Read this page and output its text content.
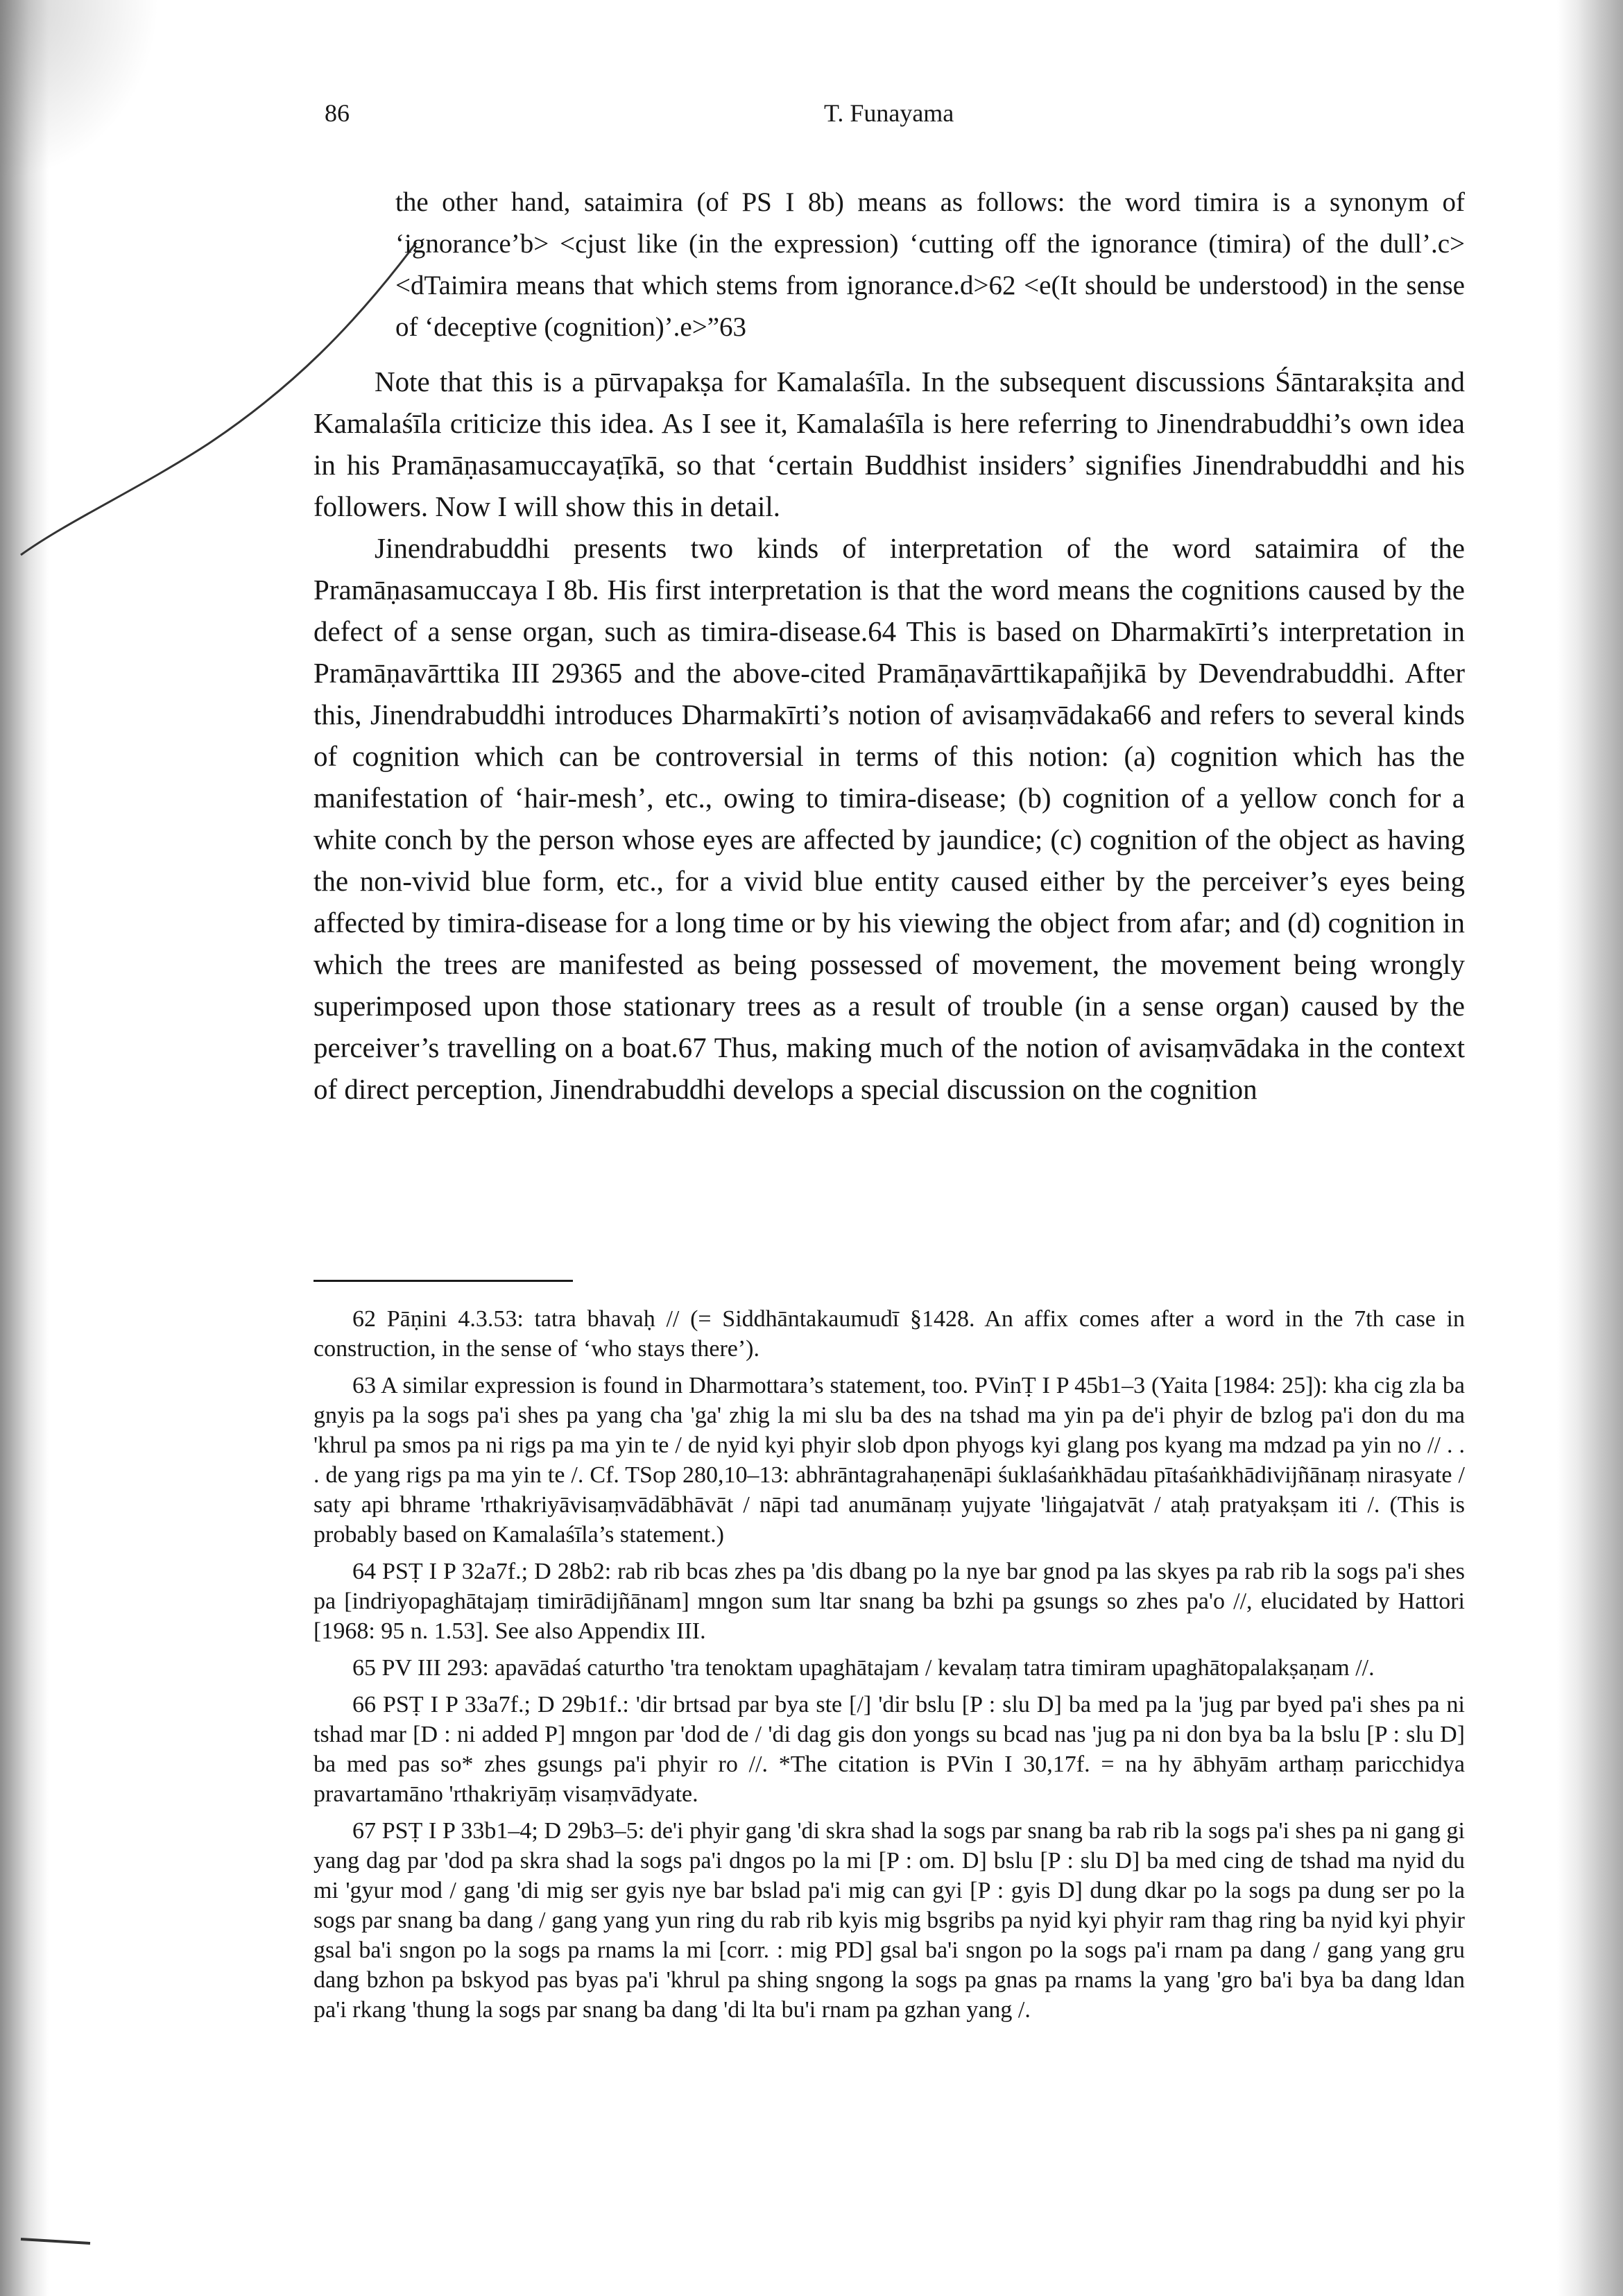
86	T. Funayama

the other hand, sataimira (of PS I 8b) means as follows: the word timira is a synonym of ‘ignorance’b> <cjust like (in the expression) ‘cutting off the ignorance (timira) of the dull’.c> <dTaimira means that which stems from ignorance.d>62 <e(It should be understood) in the sense of ‘deceptive (cognition)’.e>”63

Note that this is a pūrvapakṣa for Kamalaśīla. In the subsequent discussions Śāntarakṣita and Kamalaśīla criticize this idea. As I see it, Kamalaśīla is here referring to Jinendrabuddhi’s own idea in his Pramāṇasamuccayaṭīkā, so that ‘certain Buddhist insiders’ signifies Jinendrabuddhi and his followers. Now I will show this in detail.

Jinendrabuddhi presents two kinds of interpretation of the word sataimira of the Pramāṇasamuccaya I 8b. His first interpretation is that the word means the cognitions caused by the defect of a sense organ, such as timira-disease.64 This is based on Dharmakīrti’s interpretation in Pramāṇavārttika III 29365 and the above-cited Pramāṇavārttikapañjikā by Devendrabuddhi. After this, Jinendrabuddhi introduces Dharmakīrti’s notion of avisaṃvādaka66 and refers to several kinds of cognition which can be controversial in terms of this notion: (a) cognition which has the manifestation of ‘hair-mesh’, etc., owing to timira-disease; (b) cognition of a yellow conch for a white conch by the person whose eyes are affected by jaundice; (c) cognition of the object as having the non-vivid blue form, etc., for a vivid blue entity caused either by the perceiver’s eyes being affected by timira-disease for a long time or by his viewing the object from afar; and (d) cognition in which the trees are manifested as being possessed of movement, the movement being wrongly superimposed upon those stationary trees as a result of trouble (in a sense organ) caused by the perceiver’s travelling on a boat.67 Thus, making much of the notion of avisaṃvādaka in the context of direct perception, Jinendrabuddhi develops a special discussion on the cognition

62 Pāṇini 4.3.53: tatra bhavaḥ // (= Siddhāntakaumudī §1428. An affix comes after a word in the 7th case in construction, in the sense of ‘who stays there’).

63 A similar expression is found in Dharmottara’s statement, too. PVinṬ I P 45b1–3 (Yaita [1984: 25]): kha cig zla ba gnyis pa la sogs pa'i shes pa yang cha 'ga' zhig la mi slu ba des na tshad ma yin pa de'i phyir de bzlog pa'i don du ma 'khrul pa smos pa ni rigs pa ma yin te / de nyid kyi phyir slob dpon phyogs kyi glang pos kyang ma mdzad pa yin no // . . . de yang rigs pa ma yin te /. Cf. TSop 280,10–13: abhrāntagrahaṇenāpi śuklaśaṅkhādau pītaśaṅkhādivijñānaṃ nirasyate / saty api bhrame 'rthakriyāvisaṃvādābhāvāt / nāpi tad anumānaṃ yujyate 'liṅgajatvāt / ataḥ pratyakṣam iti /. (This is probably based on Kamalaśīla’s statement.)

64 PSṬ I P 32a7f.; D 28b2: rab rib bcas zhes pa 'dis dbang po la nye bar gnod pa las skyes pa rab rib la sogs pa'i shes pa [indriyopaghātajaṃ timirādijñānam] mngon sum ltar snang ba bzhi pa gsungs so zhes pa'o //, elucidated by Hattori [1968: 95 n. 1.53]. See also Appendix III.

65 PV III 293: apavādaś caturtho 'tra tenoktam upaghātajam / kevalaṃ tatra timiram upaghātopalakṣaṇam //.

66 PSṬ I P 33a7f.; D 29b1f.: 'dir brtsad par bya ste [/] 'dir bslu [P : slu D] ba med pa la 'jug par byed pa'i shes pa ni tshad mar [D : ni added P] mngon par 'dod de / 'di dag gis don yongs su bcad nas 'jug pa ni don bya ba la bslu [P : slu D] ba med pas so* zhes gsungs pa'i phyir ro //. *The citation is PVin I 30,17f. = na hy ābhyām arthaṃ paricchidya pravartamāno 'rthakriyāṃ visaṃvādyate.

67 PSṬ I P 33b1–4; D 29b3–5: de'i phyir gang 'di skra shad la sogs par snang ba rab rib la sogs pa'i shes pa ni gang gi yang dag par 'dod pa skra shad la sogs pa'i dngos po la mi [P : om. D] bslu [P : slu D] ba med cing de tshad ma nyid du mi 'gyur mod / gang 'di mig ser gyis nye bar bslad pa'i mig can gyi [P : gyis D] dung dkar po la sogs pa dung ser po la sogs par snang ba dang / gang yang yun ring du rab rib kyis mig bsgribs pa nyid kyi phyir ram thag ring ba nyid kyi phyir gsal ba'i sngon po la sogs pa rnams la mi [corr. : mig PD] gsal ba'i sngon po la sogs pa'i rnam pa dang / gang yang gru dang bzhon pa bskyod pas byas pa'i 'khrul pa shing sngong la sogs pa gnas pa rnams la yang 'gro ba'i bya ba dang ldan pa'i rkang 'thung la sogs par snang ba dang 'di lta bu'i rnam pa gzhan yang /.
